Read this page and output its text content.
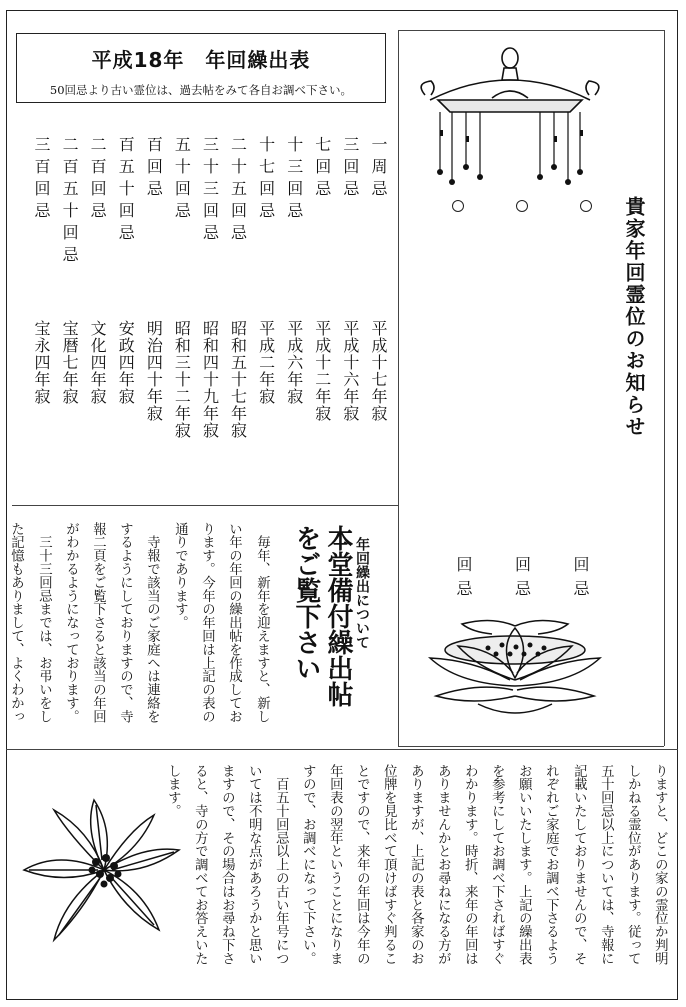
平成18年　年回繰出表
50回忌より古い霊位は、過去帖をみて各自お調べ下さい。
一周忌
三回忌
七回忌
十三回忌
十七回忌
二十五回忌
三十三回忌
五十回忌
百回忌
百五十回忌
二百回忌
二百五十回忌
三百回忌
平成十七年寂
平成十六年寂
平成十二年寂
平成六年寂
平成二年寂
昭和五十七年寂
昭和四十九年寂
昭和三十二年寂
明治四十年寂
安政四年寂
文化四年寂
宝暦七年寂
宝永四年寂	貴家年回霊位のお知らせ
回忌
回忌
回忌
年回繰出について
本堂備付繰出帖をご覧下さい
　毎年、新年を迎えますと、新し
い年の年回の繰出帖を作成してお
ります。今年の年回は上記の表の
通りであります。
　寺報で該当のご家庭へは連絡を
するようにしておりますので、寺
報二頁をご覧下さると該当の年回
がわかるようになっております。
　三十三回忌までは、お弔いをし
た記憶もありまして、よくわかっ
りますと、どこの家の霊位か判明
しかねる霊位があります。従って
五十回忌以上については、寺報に
記載いたしておりませんので、そ
れぞれご家庭でお調べ下さるよう
お願いいたします。上記の繰出表
を参考にしてお調べ下さればすぐ
わかります。時折、来年の年回は
ありませんかとお尋ねになる方が
ありますが、上記の表と各家のお
位牌を見比べて頂けばすぐ判るこ
とですので、来年の年回は今年の
年回表の翌年ということになりま
すので、お調べになって下さい。
　百五十回忌以上の古い年号につ
いては不明な点があろうかと思い
ますので、その場合はお尋ね下さ
ると、寺の方で調べてお答えいた
します。
